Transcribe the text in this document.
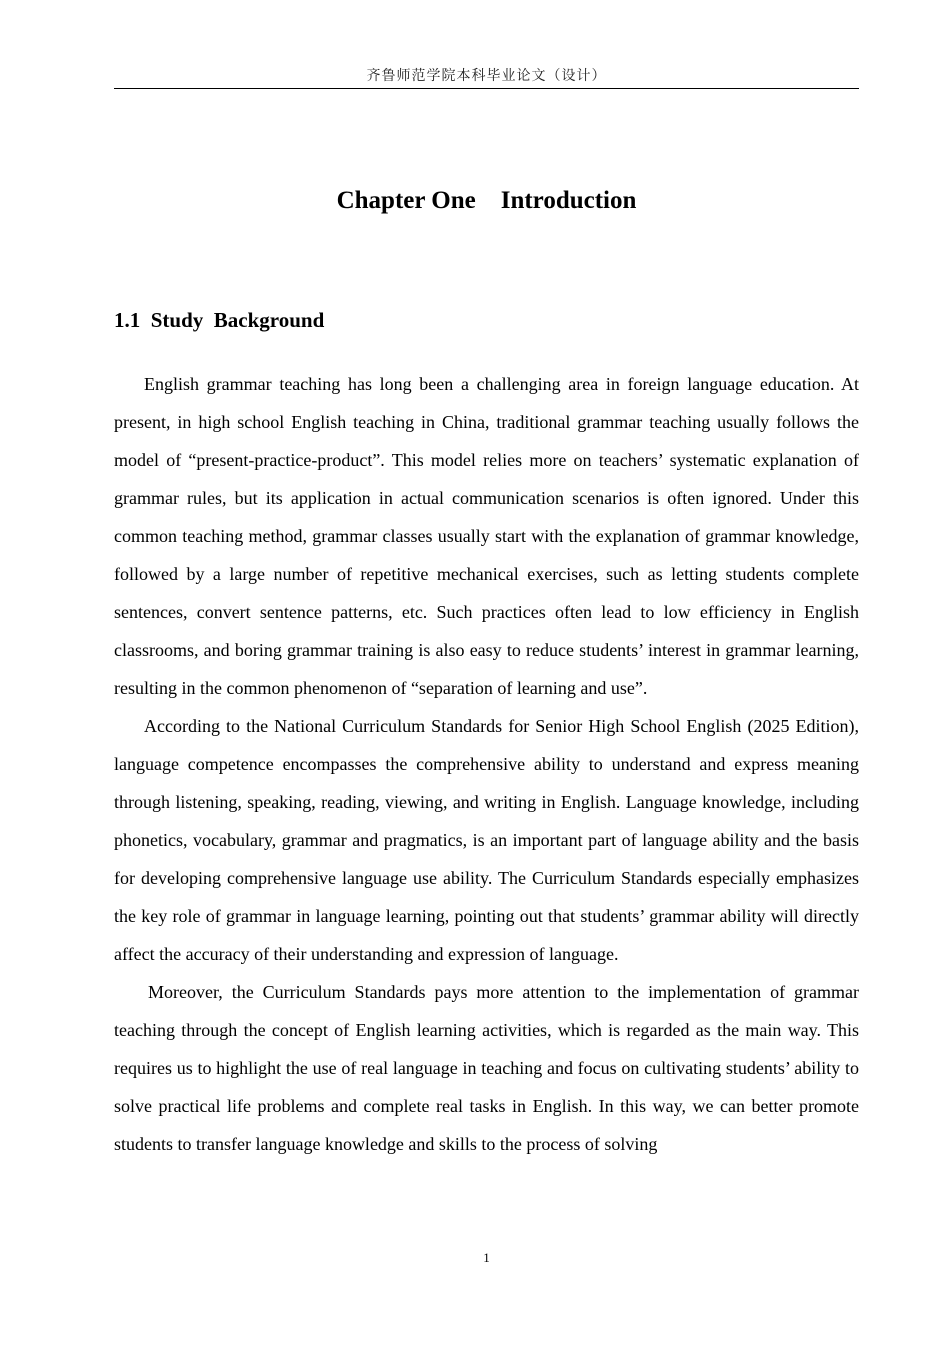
齐鲁师范学院本科毕业论文（设计）
Chapter One    Introduction
1.1  Study  Background

English grammar teaching has long been a challenging area in foreign language education. At present, in high school English teaching in China, traditional grammar teaching usually follows the model of “present-practice-product”. This model relies more on teachers’ systematic explanation of grammar rules, but its application in actual communication scenarios is often ignored. Under this common teaching method, grammar classes usually start with the explanation of grammar knowledge, followed by a large number of repetitive mechanical exercises, such as letting students complete sentences, convert sentence patterns, etc. Such practices often lead to low efficiency in English classrooms, and boring grammar training is also easy to reduce students’ interest in grammar learning, resulting in the common phenomenon of “separation of learning and use”.

According to the National Curriculum Standards for Senior High School English (2025 Edition), language competence encompasses the comprehensive ability to understand and express meaning through listening, speaking, reading, viewing, and writing in English. Language knowledge, including phonetics, vocabulary, grammar and pragmatics, is an important part of language ability and the basis for developing comprehensive language use ability. The Curriculum Standards especially emphasizes the key role of grammar in language learning, pointing out that students’ grammar ability will directly affect the accuracy of their understanding and expression of language.

Moreover, the Curriculum Standards pays more attention to the implementation of grammar teaching through the concept of English learning activities, which is regarded as the main way. This requires us to highlight the use of real language in teaching and focus on cultivating students’ ability to solve practical life problems and complete real tasks in English. In this way, we can better promote students to transfer language knowledge and skills to the process of solving

1
